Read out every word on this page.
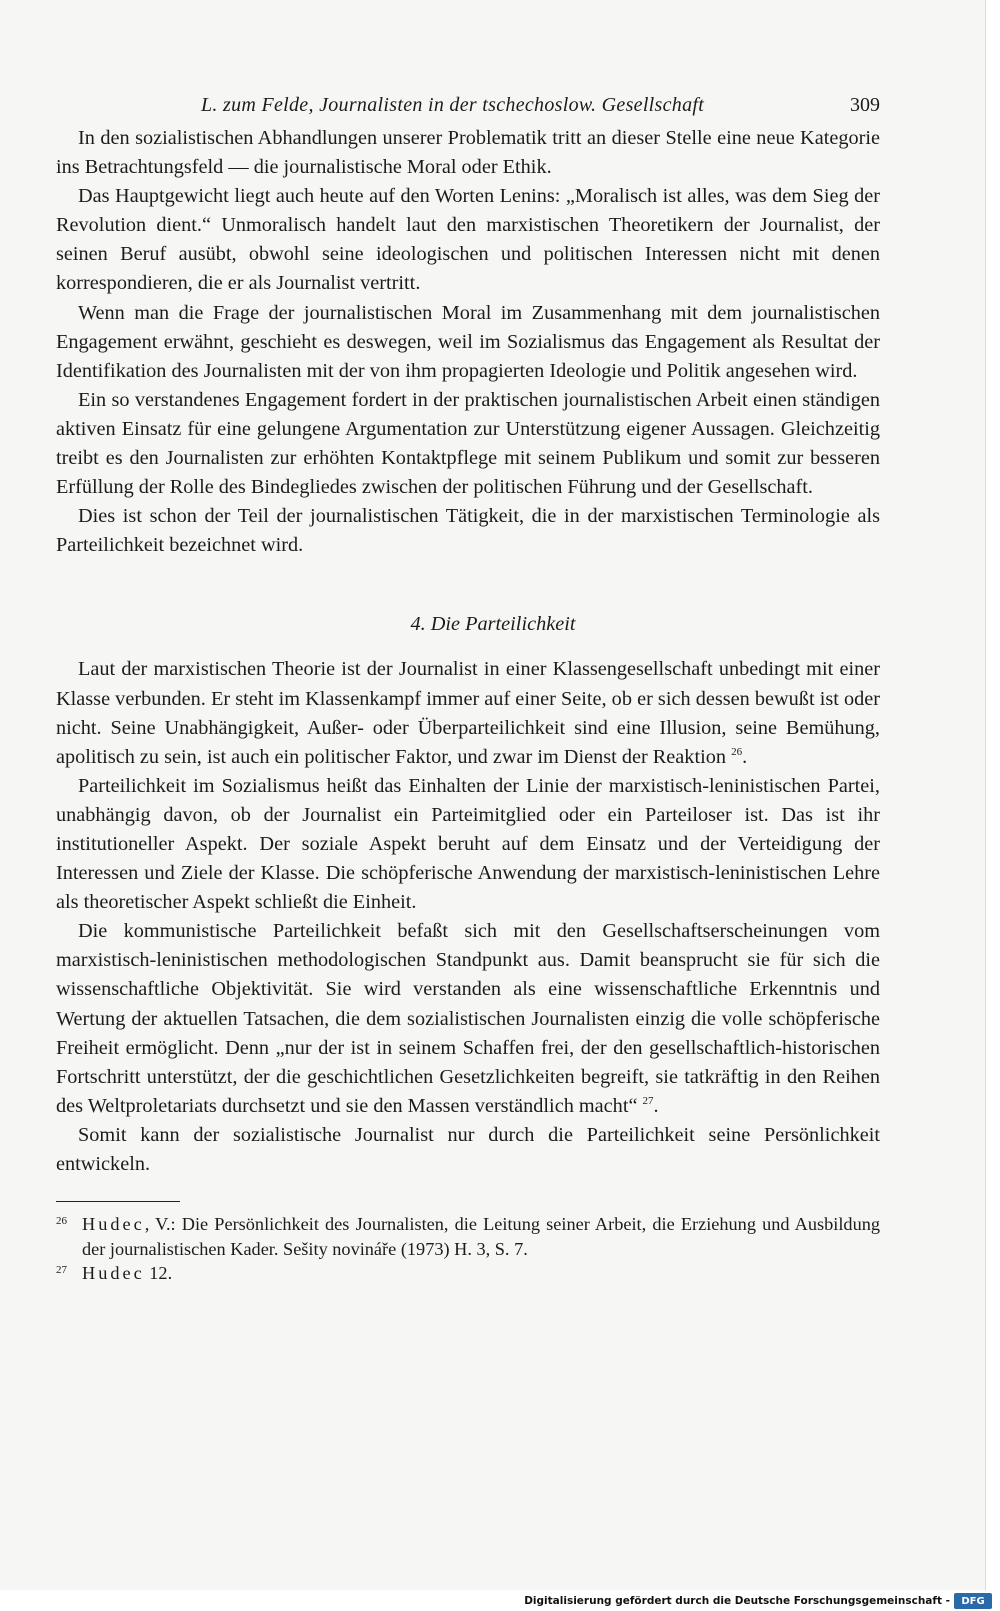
L. zum Felde, Journalisten in der tschechoslow. Gesellschaft	309

In den sozialistischen Abhandlungen unserer Problematik tritt an dieser Stelle eine neue Kategorie ins Betrachtungsfeld — die journalistische Moral oder Ethik.

Das Hauptgewicht liegt auch heute auf den Worten Lenins: „Moralisch ist alles, was dem Sieg der Revolution dient.“ Unmoralisch handelt laut den marxistischen Theoretikern der Journalist, der seinen Beruf ausübt, obwohl seine ideologischen und politischen Interessen nicht mit denen korrespondieren, die er als Journalist vertritt.

Wenn man die Frage der journalistischen Moral im Zusammenhang mit dem journalistischen Engagement erwähnt, geschieht es deswegen, weil im Sozialismus das Engagement als Resultat der Identifikation des Journalisten mit der von ihm propagierten Ideologie und Politik angesehen wird.

Ein so verstandenes Engagement fordert in der praktischen journalistischen Arbeit einen ständigen aktiven Einsatz für eine gelungene Argumentation zur Unterstützung eigener Aussagen. Gleichzeitig treibt es den Journalisten zur erhöhten Kontaktpflege mit seinem Publikum und somit zur besseren Erfüllung der Rolle des Bindegliedes zwischen der politischen Führung und der Gesellschaft.

Dies ist schon der Teil der journalistischen Tätigkeit, die in der marxistischen Terminologie als Parteilichkeit bezeichnet wird.

4. Die Parteilichkeit

Laut der marxistischen Theorie ist der Journalist in einer Klassengesellschaft unbedingt mit einer Klasse verbunden. Er steht im Klassenkampf immer auf einer Seite, ob er sich dessen bewußt ist oder nicht. Seine Unabhängigkeit, Außer- oder Überparteilichkeit sind eine Illusion, seine Bemühung, apolitisch zu sein, ist auch ein politischer Faktor, und zwar im Dienst der Reaktion $^{26}$.

Parteilichkeit im Sozialismus heißt das Einhalten der Linie der marxistisch-leninistischen Partei, unabhängig davon, ob der Journalist ein Parteimitglied oder ein Parteiloser ist. Das ist ihr institutioneller Aspekt. Der soziale Aspekt beruht auf dem Einsatz und der Verteidigung der Interessen und Ziele der Klasse. Die schöpferische Anwendung der marxistisch-leninistischen Lehre als theoretischer Aspekt schließt die Einheit.

Die kommunistische Parteilichkeit befaßt sich mit den Gesellschaftserscheinungen vom marxistisch-leninistischen methodologischen Standpunkt aus. Damit beansprucht sie für sich die wissenschaftliche Objektivität. Sie wird verstanden als eine wissenschaftliche Erkenntnis und Wertung der aktuellen Tatsachen, die dem sozialistischen Journalisten einzig die volle schöpferische Freiheit ermöglicht. Denn „nur der ist in seinem Schaffen frei, der den gesellschaftlich-historischen Fortschritt unterstützt, der die geschichtlichen Gesetzlichkeiten begreift, sie tatkräftig in den Reihen des Weltproletariats durchsetzt und sie den Massen verständlich macht“ $^{27}$.

Somit kann der sozialistische Journalist nur durch die Parteilichkeit seine Persönlichkeit entwickeln.

26 Hudec, V.: Die Persönlichkeit des Journalisten, die Leitung seiner Arbeit, die Erziehung und Ausbildung der journalistischen Kader. Sešity novináře (1973) H. 3, S. 7.
27 Hudec 12.
Digitalisierung gefördert durch die Deutsche Forschungsgemeinschaft -	DFG
